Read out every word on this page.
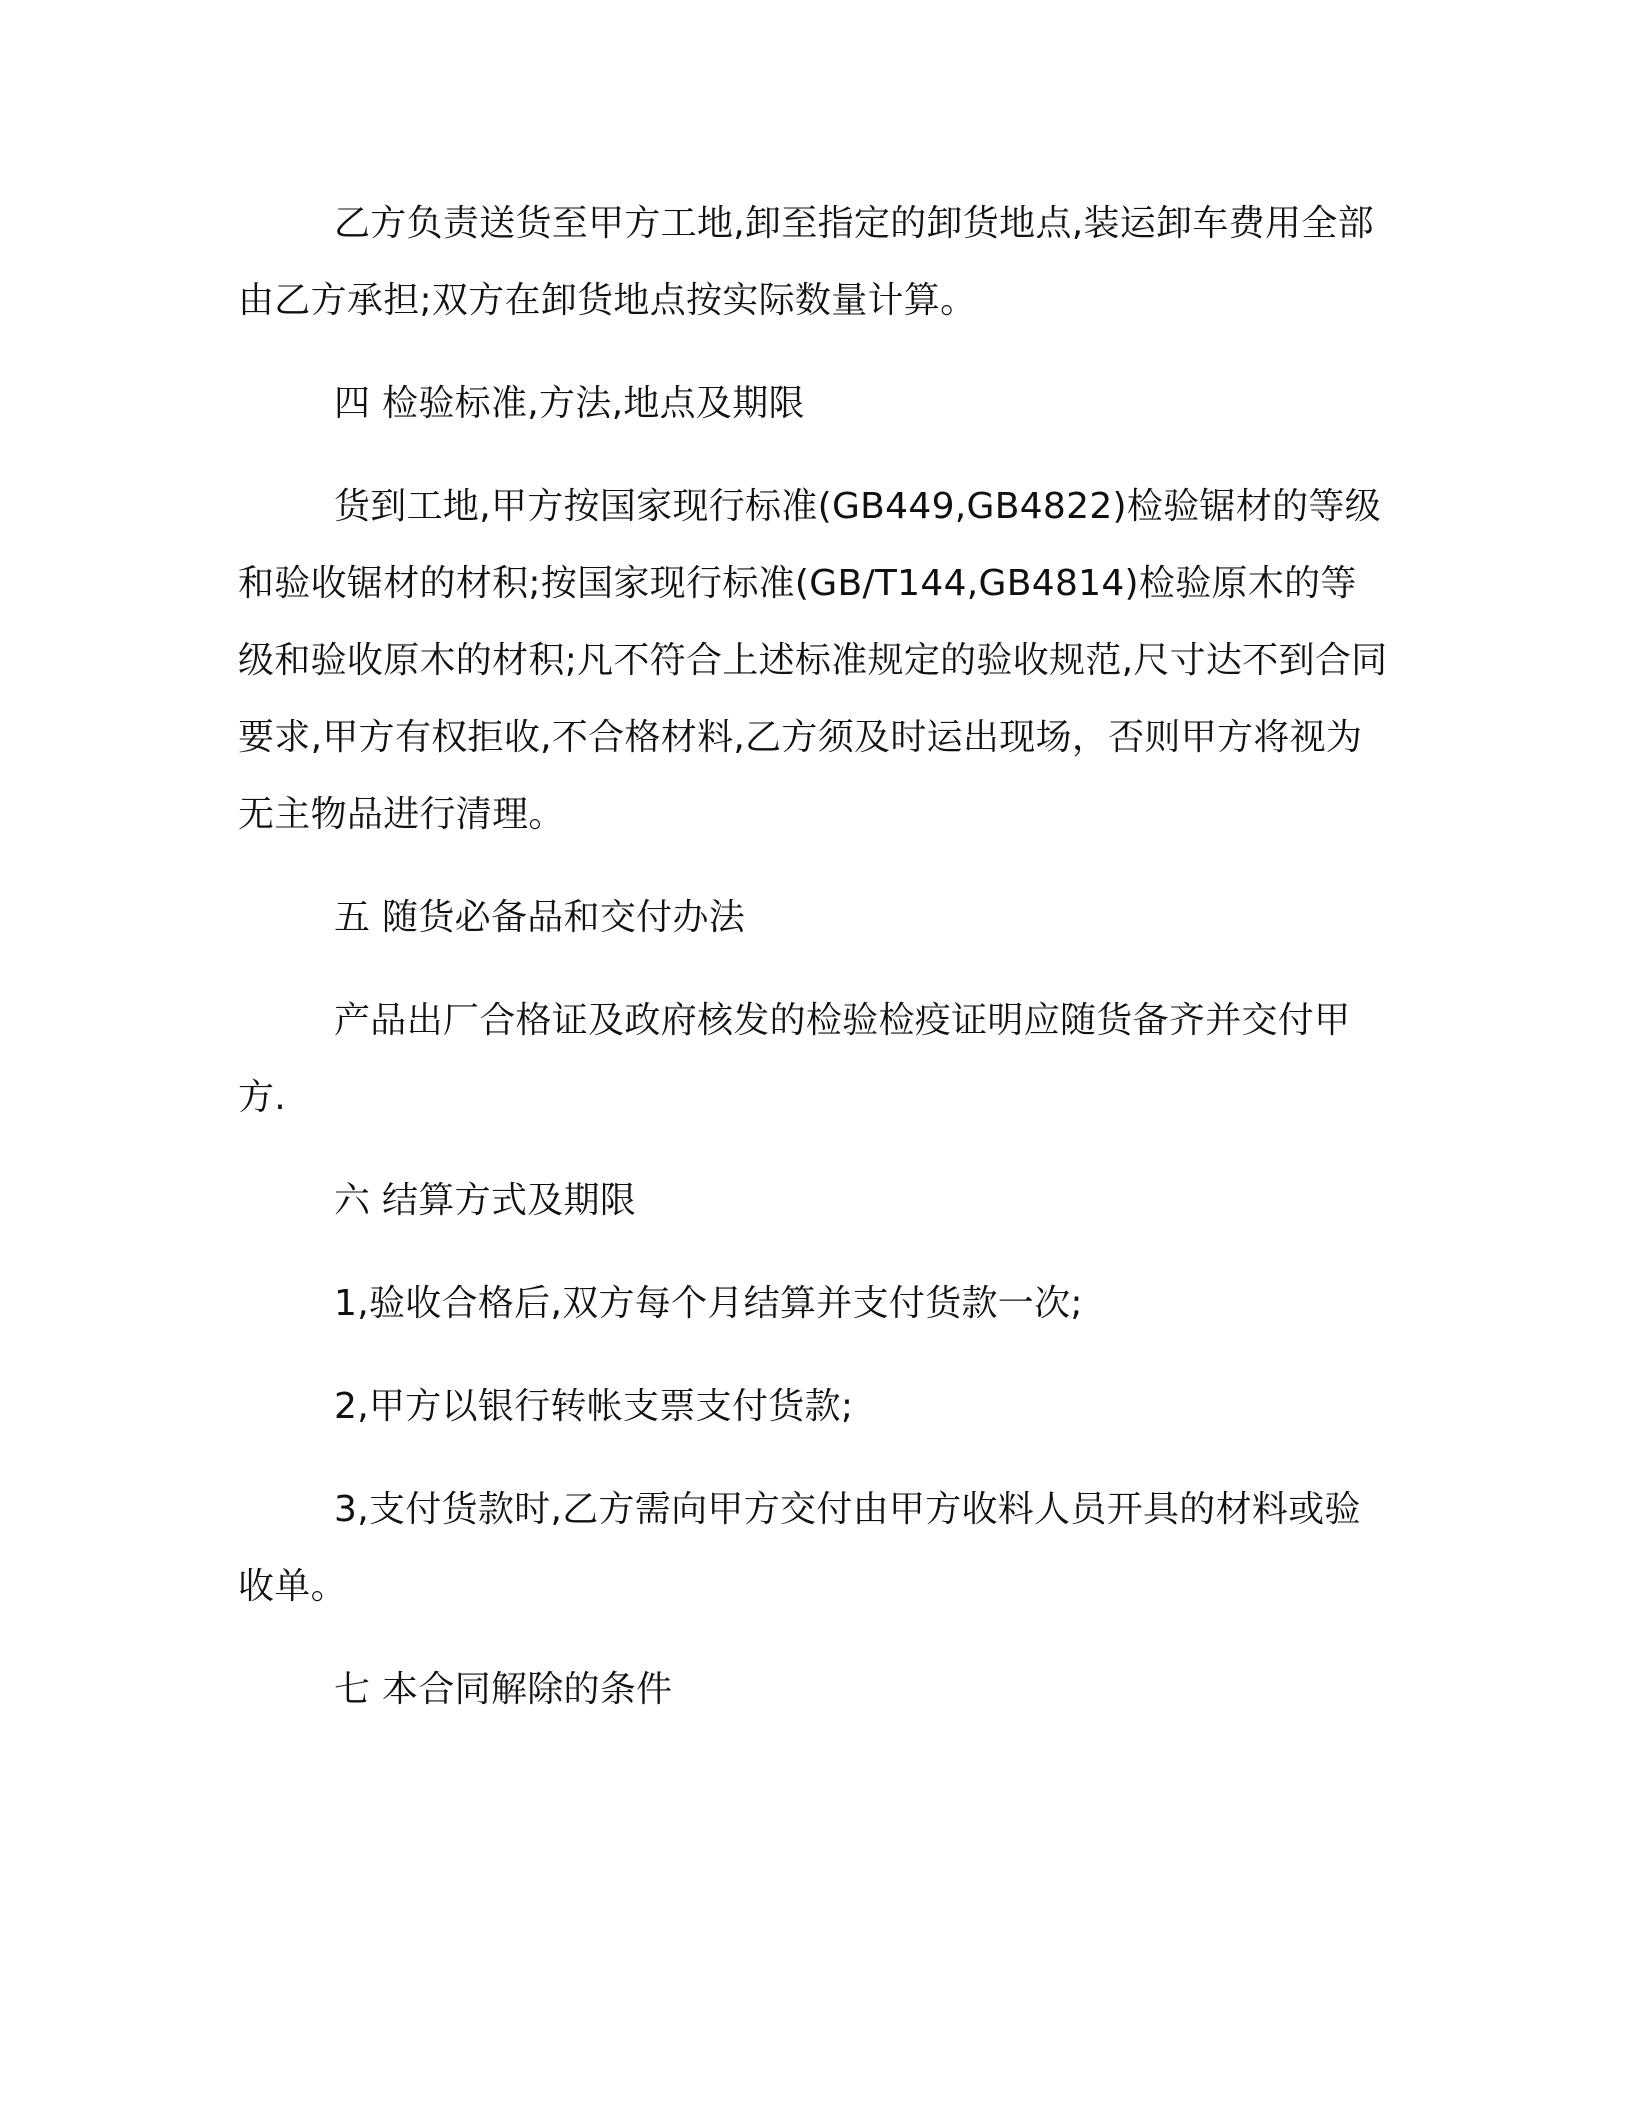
乙方负责送货至甲方工地,卸至指定的卸货地点,装运卸车费用全部由乙方承担;双方在卸货地点按实际数量计算。

四 检验标准,方法,地点及期限

货到工地,甲方按国家现行标准(GB449,GB4822)检验锯材的等级和验收锯材的材积;按国家现行标准(GB/T144,GB4814)检验原木的等级和验收原木的材积;凡不符合上述标准规定的验收规范,尺寸达不到合同要求,甲方有权拒收,不合格材料,乙方须及时运出现场，否则甲方将视为无主物品进行清理。

五 随货必备品和交付办法

产品出厂合格证及政府核发的检验检疫证明应随货备齐并交付甲方.

六 结算方式及期限

1,验收合格后,双方每个月结算并支付货款一次;

2,甲方以银行转帐支票支付货款;

3,支付货款时,乙方需向甲方交付由甲方收料人员开具的材料或验收单。

七 本合同解除的条件
